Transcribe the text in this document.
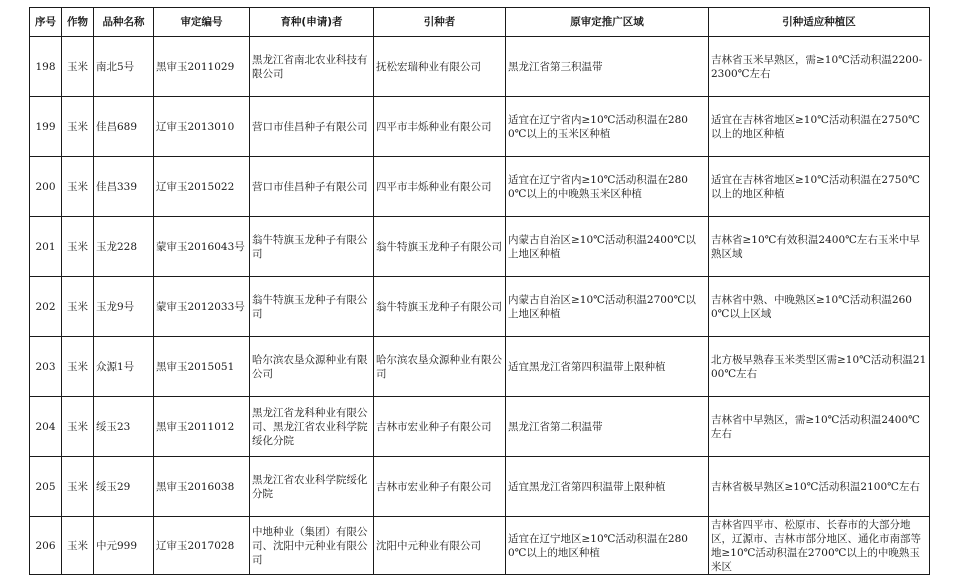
序号	作物	品种名称	审定编号	育种(申请)者	引种者	原审定推广区域	引种适应种植区
198	玉米	南北5号	黑审玉2011029	黑龙江省南北农业科技有限公司	抚松宏瑞种业有限公司	黑龙江省第三积温带	吉林省玉米早熟区，需≥10℃活动积温2200-2300℃左右
199	玉米	佳昌689	辽审玉2013010	营口市佳昌种子有限公司	四平市丰烁种业有限公司	适宜在辽宁省内≥10℃活动积温在2800℃以上的玉米区种植	适宜在吉林省地区≥10℃活动积温在2750℃以上的地区种植
200	玉米	佳昌339	辽审玉2015022	营口市佳昌种子有限公司	四平市丰烁种业有限公司	适宜在辽宁省内≥10℃活动积温在2800℃以上的中晚熟玉米区种植	适宜在吉林省地区≥10℃活动积温在2750℃以上的地区种植
201	玉米	玉龙228	蒙审玉2016043号	翁牛特旗玉龙种子有限公司	翁牛特旗玉龙种子有限公司	内蒙古自治区≥10℃活动积温2400℃以上地区种植	吉林省≥10℃有效积温2400℃左右玉米中早熟区域
202	玉米	玉龙9号	蒙审玉2012033号	翁牛特旗玉龙种子有限公司	翁牛特旗玉龙种子有限公司	内蒙古自治区≥10℃活动积温2700℃以上地区种植	吉林省中熟、中晚熟区≥10℃活动积温2600℃以上区域
203	玉米	众源1号	黑审玉2015051	哈尔滨农垦众源种业有限公司	哈尔滨农垦众源种业有限公司	适宜黑龙江省第四积温带上限种植	北方极早熟春玉米类型区需≥10℃活动积温2100℃左右
204	玉米	绥玉23	黑审玉2011012	黑龙江省龙科种业有限公司、黑龙江省农业科学院绥化分院	吉林市宏业种子有限公司	黑龙江省第二积温带	吉林省中早熟区，需≥10℃活动积温2400℃左右
205	玉米	绥玉29	黑审玉2016038	黑龙江省农业科学院绥化分院	吉林市宏业种子有限公司	适宜黑龙江省第四积温带上限种植	吉林省极早熟区≥10℃活动积温2100℃左右
206	玉米	中元999	辽审玉2017028	中地种业（集团）有限公司、沈阳中元种业有限公司	沈阳中元种业有限公司	适宜在辽宁地区≥10℃活动积温在2800℃以上的地区种植	吉林省四平市、松原市、长春市的大部分地区，辽源市、吉林市部分地区、通化市南部等地≥10℃活动积温在2700℃以上的中晚熟玉米区
